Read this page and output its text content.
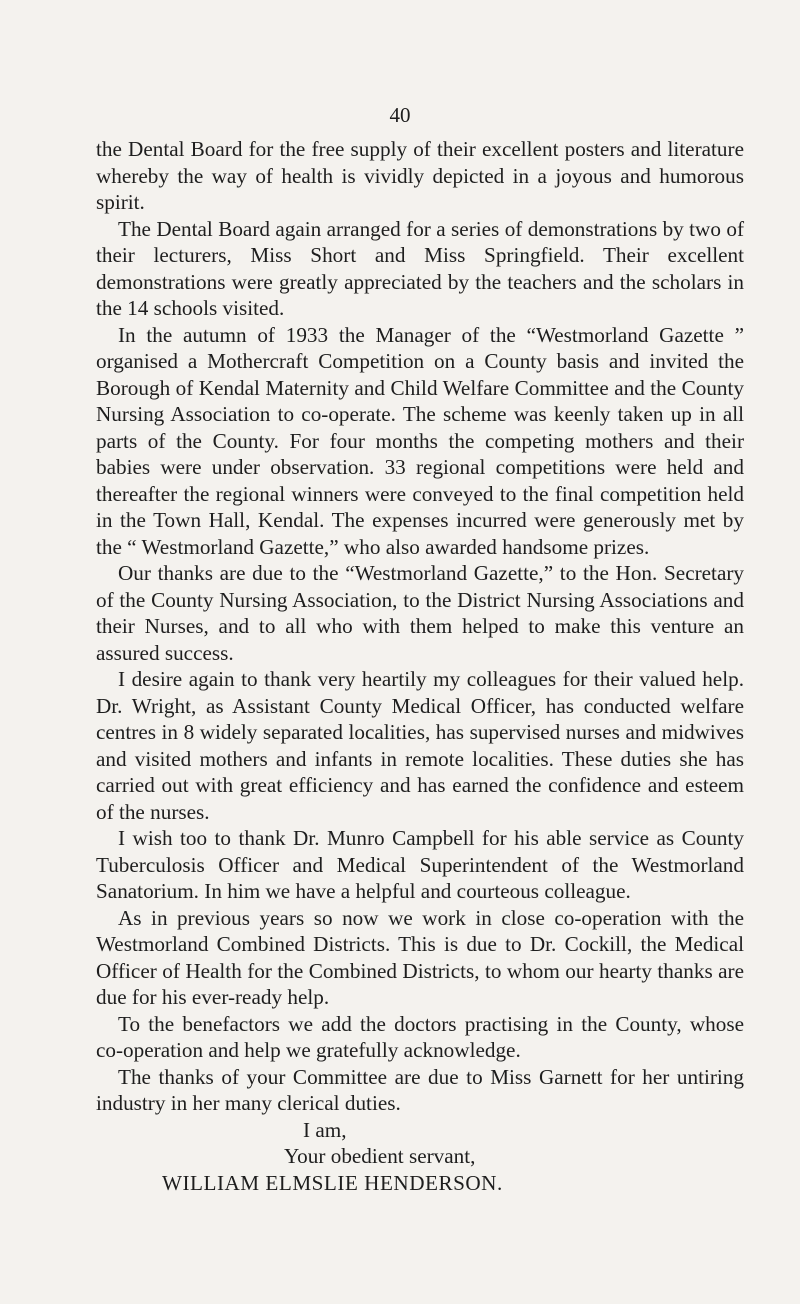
40

the Dental Board for the free supply of their excellent posters and literature whereby the way of health is vividly depicted in a joyous and humorous spirit.

The Dental Board again arranged for a series of demonstrations by two of their lecturers, Miss Short and Miss Springfield. Their excellent demonstrations were greatly appreciated by the teachers and the scholars in the 14 schools visited.

In the autumn of 1933 the Manager of the “Westmorland Gazette ” organised a Mothercraft Competition on a County basis and invited the Borough of Kendal Maternity and Child Welfare Committee and the County Nursing Association to co-operate. The scheme was keenly taken up in all parts of the County. For four months the competing mothers and their babies were under observation. 33 regional competitions were held and thereafter the regional winners were conveyed to the final competition held in the Town Hall, Kendal. The expenses incurred were generously met by the “ Westmorland Gazette,” who also awarded handsome prizes.

Our thanks are due to the “Westmorland Gazette,” to the Hon. Secretary of the County Nursing Association, to the District Nursing Associations and their Nurses, and to all who with them helped to make this venture an assured success.

I desire again to thank very heartily my colleagues for their valued help. Dr. Wright, as Assistant County Medical Officer, has conducted welfare centres in 8 widely separated localities, has supervised nurses and midwives and visited mothers and infants in remote localities. These duties she has carried out with great efficiency and has earned the confidence and esteem of the nurses.

I wish too to thank Dr. Munro Campbell for his able service as County Tuberculosis Officer and Medical Superintendent of the Westmorland Sanatorium. In him we have a helpful and courteous colleague.

As in previous years so now we work in close co-operation with the Westmorland Combined Districts. This is due to Dr. Cockill, the Medical Officer of Health for the Combined Districts, to whom our hearty thanks are due for his ever-ready help.

To the benefactors we add the doctors practising in the County, whose co-operation and help we gratefully acknowledge.

The thanks of your Committee are due to Miss Garnett for her untiring industry in her many clerical duties.

I am,
Your obedient servant,
WILLIAM ELMSLIE HENDERSON.
